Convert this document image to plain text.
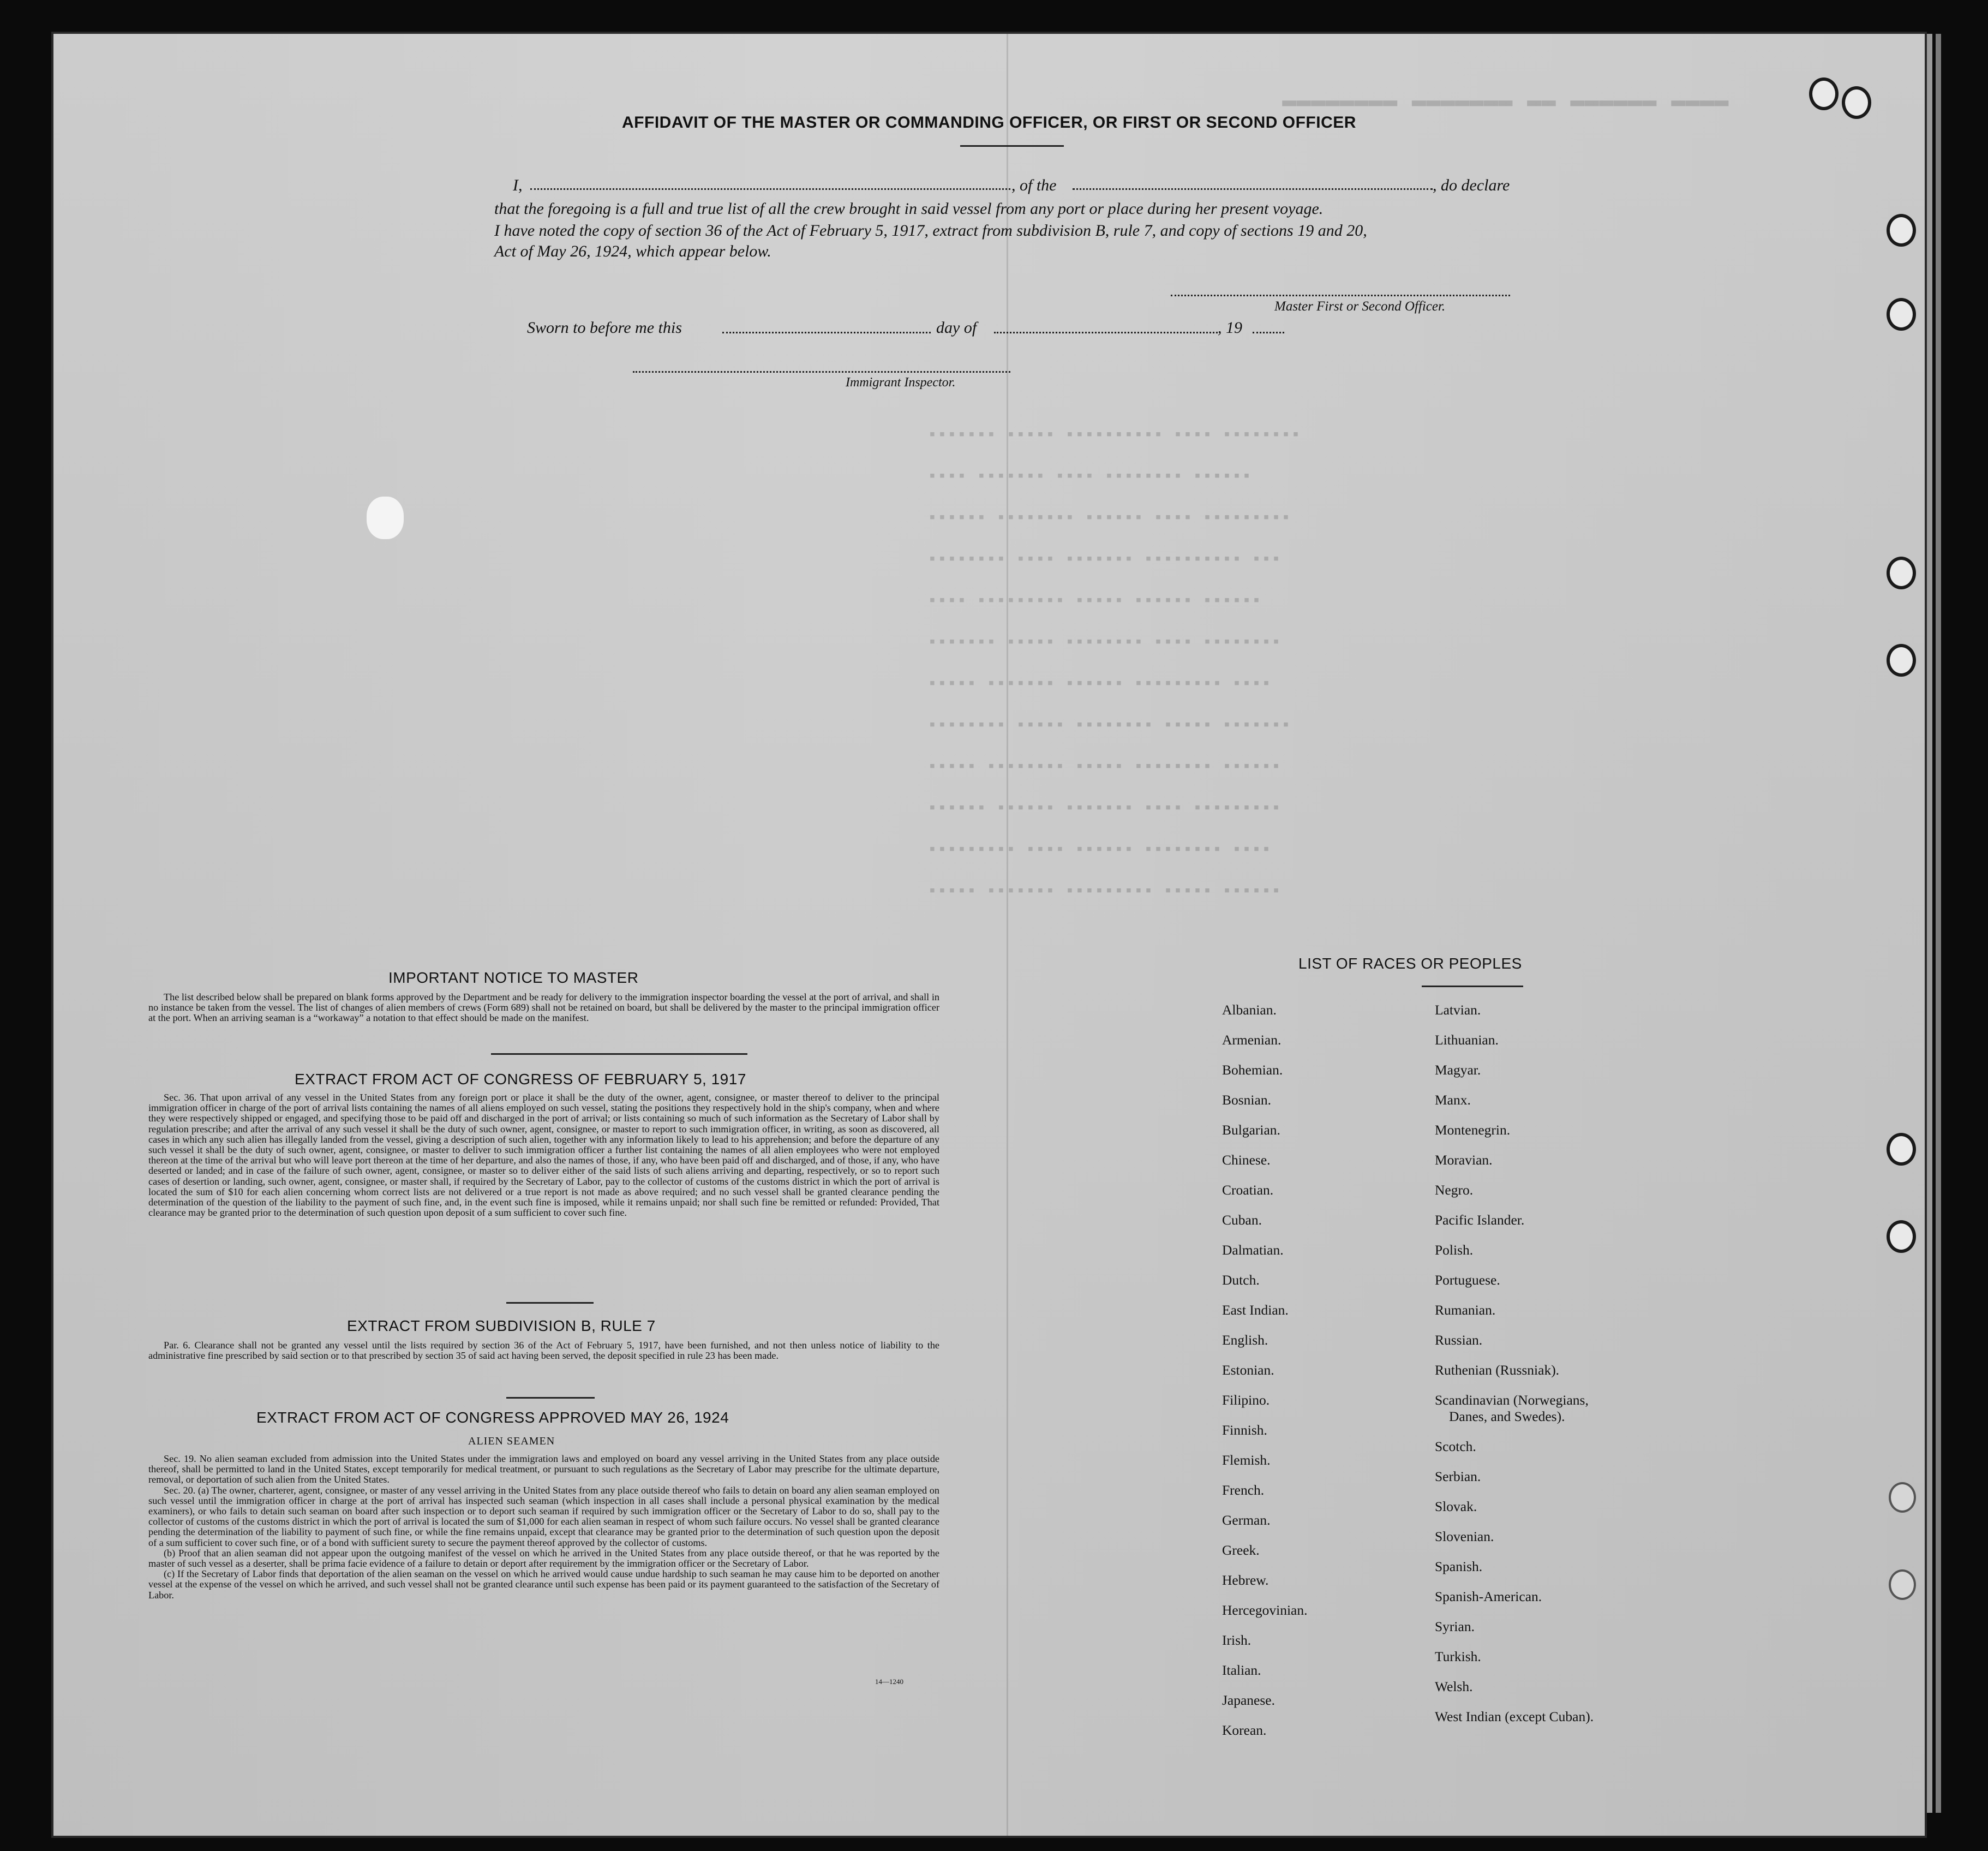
▬▬▬▬ ▬▬▬▬▬▬ ▬▬ ▬▬▬▬▬▬▬ ▬▬▬▬▬▬▬▬
▪▪▪▪▪▪▪ ▪▪▪▪▪ ▪▪▪▪▪▪▪▪▪▪ ▪▪▪▪ ▪▪▪▪▪▪▪▪
▪▪▪▪ ▪▪▪▪▪▪▪ ▪▪▪▪ ▪▪▪▪▪▪▪▪ ▪▪▪▪▪▪
▪▪▪▪▪▪ ▪▪▪▪▪▪▪▪ ▪▪▪▪▪▪ ▪▪▪▪ ▪▪▪▪▪▪▪▪▪
▪▪▪▪▪▪▪▪ ▪▪▪▪ ▪▪▪▪▪▪▪ ▪▪▪▪▪▪▪▪▪▪ ▪▪▪
▪▪▪▪ ▪▪▪▪▪▪▪▪▪ ▪▪▪▪▪ ▪▪▪▪▪▪ ▪▪▪▪▪▪
▪▪▪▪▪▪▪ ▪▪▪▪▪ ▪▪▪▪▪▪▪▪ ▪▪▪▪ ▪▪▪▪▪▪▪▪
▪▪▪▪▪ ▪▪▪▪▪▪▪ ▪▪▪▪▪▪ ▪▪▪▪▪▪▪▪▪ ▪▪▪▪
▪▪▪▪▪▪▪▪ ▪▪▪▪▪ ▪▪▪▪▪▪▪▪ ▪▪▪▪▪ ▪▪▪▪▪▪▪
▪▪▪▪▪ ▪▪▪▪▪▪▪▪ ▪▪▪▪▪ ▪▪▪▪▪▪▪▪ ▪▪▪▪▪▪
▪▪▪▪▪▪ ▪▪▪▪▪▪ ▪▪▪▪▪▪▪ ▪▪▪▪ ▪▪▪▪▪▪▪▪▪
▪▪▪▪▪▪▪▪▪ ▪▪▪▪ ▪▪▪▪▪▪ ▪▪▪▪▪▪▪▪ ▪▪▪▪
▪▪▪▪▪ ▪▪▪▪▪▪▪ ▪▪▪▪▪▪▪▪▪ ▪▪▪▪▪ ▪▪▪▪▪▪
AFFIDAVIT OF THE MASTER OR COMMANDING OFFICER, OR FIRST OR SECOND OFFICER
I,	, of the	, do declare
that the foregoing is a full and true list of all the crew brought in said vessel from any port or place during her present voyage.
I have noted the copy of section 36 of the Act of February 5, 1917, extract from subdivision B, rule 7, and copy of sections 19 and 20,
Act of May 26, 1924, which appear below.
Master First or Second Officer.
Sworn to before me this	day of	, 19
Immigrant Inspector.
IMPORTANT NOTICE TO MASTER

The list described below shall be prepared on blank forms approved by the Department and be ready for delivery to the immigration inspector boarding the vessel at the port of arrival, and shall in no instance be taken from the vessel. The list of changes of alien members of crews (Form 689) shall not be retained on board, but shall be delivered by the master to the principal immigration officer at the port. When an arriving seaman is a “workaway” a notation to that effect should be made on the manifest.

EXTRACT FROM ACT OF CONGRESS OF FEBRUARY 5, 1917

Sec. 36. That upon arrival of any vessel in the United States from any foreign port or place it shall be the duty of the owner, agent, consignee, or master thereof to deliver to the principal immigration officer in charge of the port of arrival lists containing the names of all aliens employed on such vessel, stating the positions they respectively hold in the ship's company, when and where they were respectively shipped or engaged, and specifying those to be paid off and discharged in the port of arrival; or lists containing so much of such information as the Secretary of Labor shall by regulation prescribe; and after the arrival of any such vessel it shall be the duty of such owner, agent, consignee, or master to report to such immigration officer, in writing, as soon as discovered, all cases in which any such alien has illegally landed from the vessel, giving a description of such alien, together with any information likely to lead to his apprehension; and before the departure of any such vessel it shall be the duty of such owner, agent, consignee, or master to deliver to such immigration officer a further list containing the names of all alien employees who were not employed thereon at the time of the arrival but who will leave port thereon at the time of her departure, and also the names of those, if any, who have been paid off and discharged, and of those, if any, who have deserted or landed; and in case of the failure of such owner, agent, consignee, or master so to deliver either of the said lists of such aliens arriving and departing, respectively, or so to report such cases of desertion or landing, such owner, agent, consignee, or master shall, if required by the Secretary of Labor, pay to the collector of customs of the customs district in which the port of arrival is located the sum of $10 for each alien concerning whom correct lists are not delivered or a true report is not made as above required; and no such vessel shall be granted clearance pending the determination of the question of the liability to the payment of such fine, and, in the event such fine is imposed, while it remains unpaid; nor shall such fine be remitted or refunded: Provided, That clearance may be granted prior to the determination of such question upon deposit of a sum sufficient to cover such fine.

EXTRACT FROM SUBDIVISION B, RULE 7

Par. 6. Clearance shall not be granted any vessel until the lists required by section 36 of the Act of February 5, 1917, have been furnished, and not then unless notice of liability to the administrative fine prescribed by said section or to that prescribed by section 35 of said act having been served, the deposit specified in rule 23 has been made.

EXTRACT FROM ACT OF CONGRESS APPROVED MAY 26, 1924
ALIEN SEAMEN

Sec. 19. No alien seaman excluded from admission into the United States under the immigration laws and employed on board any vessel arriving in the United States from any place outside thereof, shall be permitted to land in the United States, except temporarily for medical treatment, or pursuant to such regulations as the Secretary of Labor may prescribe for the ultimate departure, removal, or deportation of such alien from the United States.

Sec. 20. (a) The owner, charterer, agent, consignee, or master of any vessel arriving in the United States from any place outside thereof who fails to detain on board any alien seaman employed on such vessel until the immigration officer in charge at the port of arrival has inspected such seaman (which inspection in all cases shall include a personal physical examination by the medical examiners), or who fails to detain such seaman on board after such inspection or to deport such seaman if required by such immigration officer or the Secretary of Labor to do so, shall pay to the collector of customs of the customs district in which the port of arrival is located the sum of $1,000 for each alien seaman in respect of whom such failure occurs. No vessel shall be granted clearance pending the determination of the liability to payment of such fine, or while the fine remains unpaid, except that clearance may be granted prior to the determination of such question upon the deposit of a sum sufficient to cover such fine, or of a bond with sufficient surety to secure the payment thereof approved by the collector of customs.

(b) Proof that an alien seaman did not appear upon the outgoing manifest of the vessel on which he arrived in the United States from any place outside thereof, or that he was reported by the master of such vessel as a deserter, shall be prima facie evidence of a failure to detain or deport after requirement by the immigration officer or the Secretary of Labor.

(c) If the Secretary of Labor finds that deportation of the alien seaman on the vessel on which he arrived would cause undue hardship to such seaman he may cause him to be deported on another vessel at the expense of the vessel on which he arrived, and such vessel shall not be granted clearance until such expense has been paid or its payment guaranteed to the satisfaction of the Secretary of Labor.

14—1240
LIST OF RACES OR PEOPLES
Albanian.
Armenian.
Bohemian.
Bosnian.
Bulgarian.
Chinese.
Croatian.
Cuban.
Dalmatian.
Dutch.
East Indian.
English.
Estonian.
Filipino.
Finnish.
Flemish.
French.
German.
Greek.
Hebrew.
Hercegovinian.
Irish.
Italian.
Japanese.
Korean.
Latvian.
Lithuanian.
Magyar.
Manx.
Montenegrin.
Moravian.
Negro.
Pacific Islander.
Polish.
Portuguese.
Rumanian.
Russian.
Ruthenian (Russniak).
Scandinavian (Norwegians,
Danes, and Swedes).
Scotch.
Serbian.
Slovak.
Slovenian.
Spanish.
Spanish-American.
Syrian.
Turkish.
Welsh.
West Indian (except Cuban).
